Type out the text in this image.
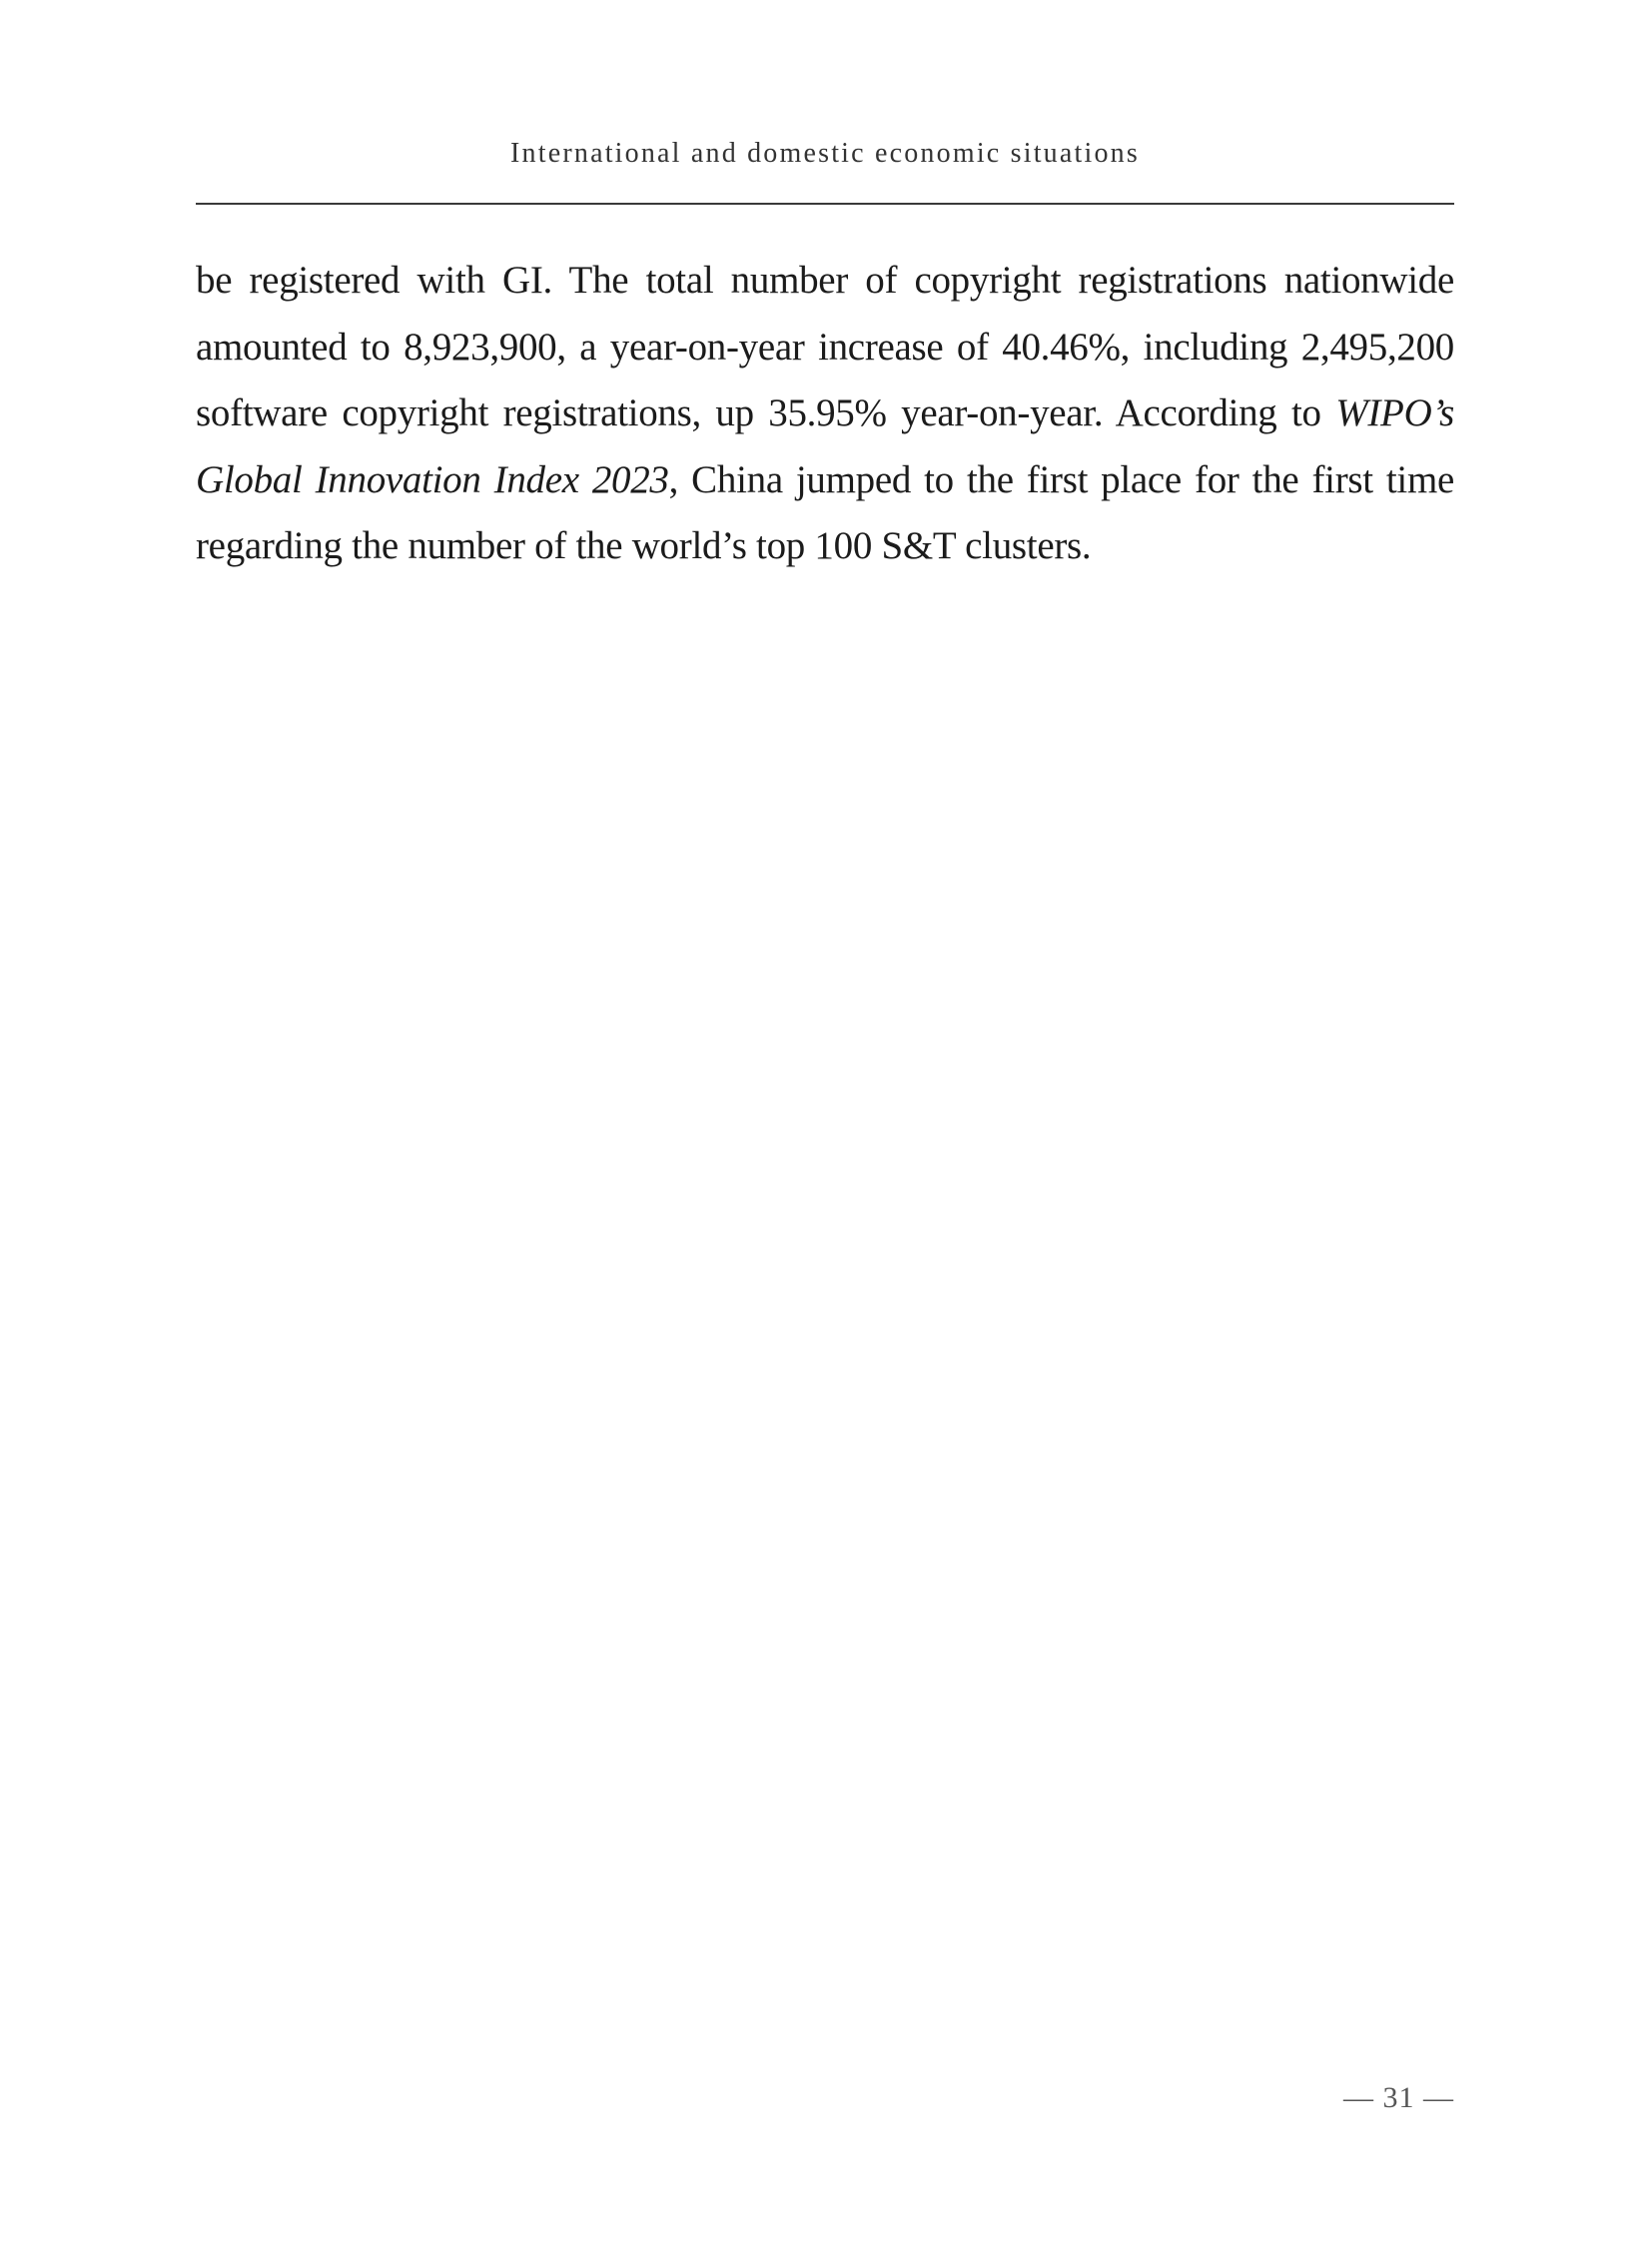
International and domestic economic situations
be registered with GI. The total number of copyright registrations nationwide amounted to 8,923,900, a year-on-year increase of 40.46%, including 2,495,200 software copyright registrations, up 35.95% year-on-year. According to WIPO’s Global Innovation Index 2023, China jumped to the first place for the first time regarding the number of the world’s top 100 S&T clusters.
— 31 —
